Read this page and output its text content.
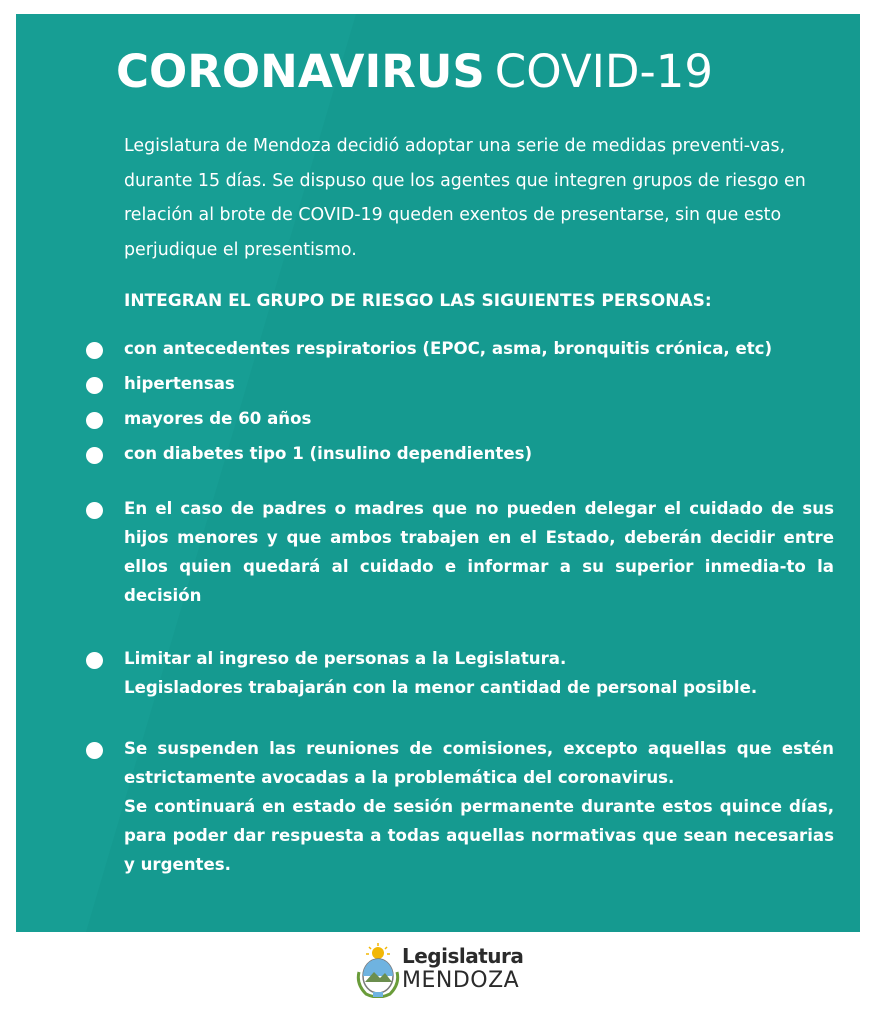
CORONAVIRUS COVID-19

Legislatura de Mendoza decidió adoptar una serie de medidas preventi-vas, durante 15 días. Se dispuso que los agentes que integren grupos de riesgo en relación al brote de COVID-19 queden exentos de presentarse, sin que esto perjudique el presentismo.

INTEGRAN EL GRUPO DE RIESGO LAS SIGUIENTES PERSONAS:
con antecedentes respiratorios (EPOC, asma, bronquitis crónica, etc)
hipertensas
mayores de 60 años
con diabetes tipo 1 (insulino dependientes)
En el caso de padres o madres que no pueden delegar el cuidado de sus hijos menores y que ambos trabajen en el Estado, deberán decidir entre ellos quien quedará al cuidado e informar a su superior inmedia-to la decisión
Limitar al ingreso de personas a la Legislatura.
Legisladores trabajarán con la menor cantidad de personal posible.
Se suspenden las reuniones de comisiones, excepto aquellas que estén estrictamente avocadas a la problemática del coronavirus.
Se continuará en estado de sesión permanente durante estos quince días, para poder dar respuesta a todas aquellas normativas que sean necesarias y urgentes.
Legislatura
MENDOZA
